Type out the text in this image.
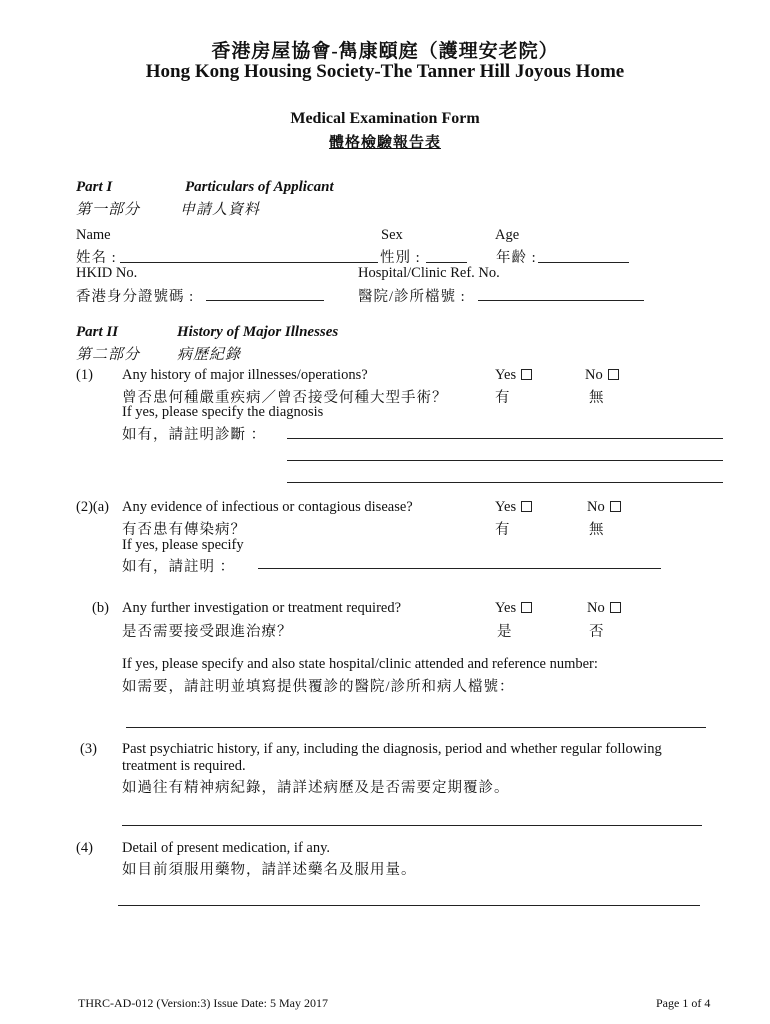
香港房屋協會-雋康頤庭（護理安老院）
Hong Kong Housing Society-The Tanner Hill Joyous Home
Medical Examination Form
體格檢驗報告表
Part I	Particulars of Applicant
第一部分	申請人資料
Name	Sex	Age
姓名 :	性別 :	年齡 :
HKID No.	Hospital/Clinic Ref. No.
香港身分證號碼 :	醫院/診所檔號 :
Part II	History of Major Illnesses
第二部分 病歷紀錄
(1) Any history of major illnesses/operations?	Yes	No
曾否患何種嚴重疾病／曾否接受何種大型手術？	有	無
If yes, please specify the diagnosis
如有，請註明診斷 ：
(2)(a) Any evidence of infectious or contagious disease?	Yes	No
有否患有傳染病？	有	無
If yes, please specify
如有，請註明 ：
(b) Any further investigation or treatment required?	Yes	No
是否需要接受跟進治療？	是	否
If yes, please specify and also state hospital/clinic attended and reference number:
如需要，請註明並填寫提供覆診的醫院/診所和病人檔號：
(3) Past psychiatric history, if any, including the diagnosis, period and whether regular following
treatment is required.
如過往有精神病紀錄，請詳述病歷及是否需要定期覆診。
(4) Detail of present medication, if any.
如目前須服用藥物，請詳述藥名及服用量。
THRC-AD-012 (Version:3) Issue Date: 5 May 2017	Page 1 of 4
